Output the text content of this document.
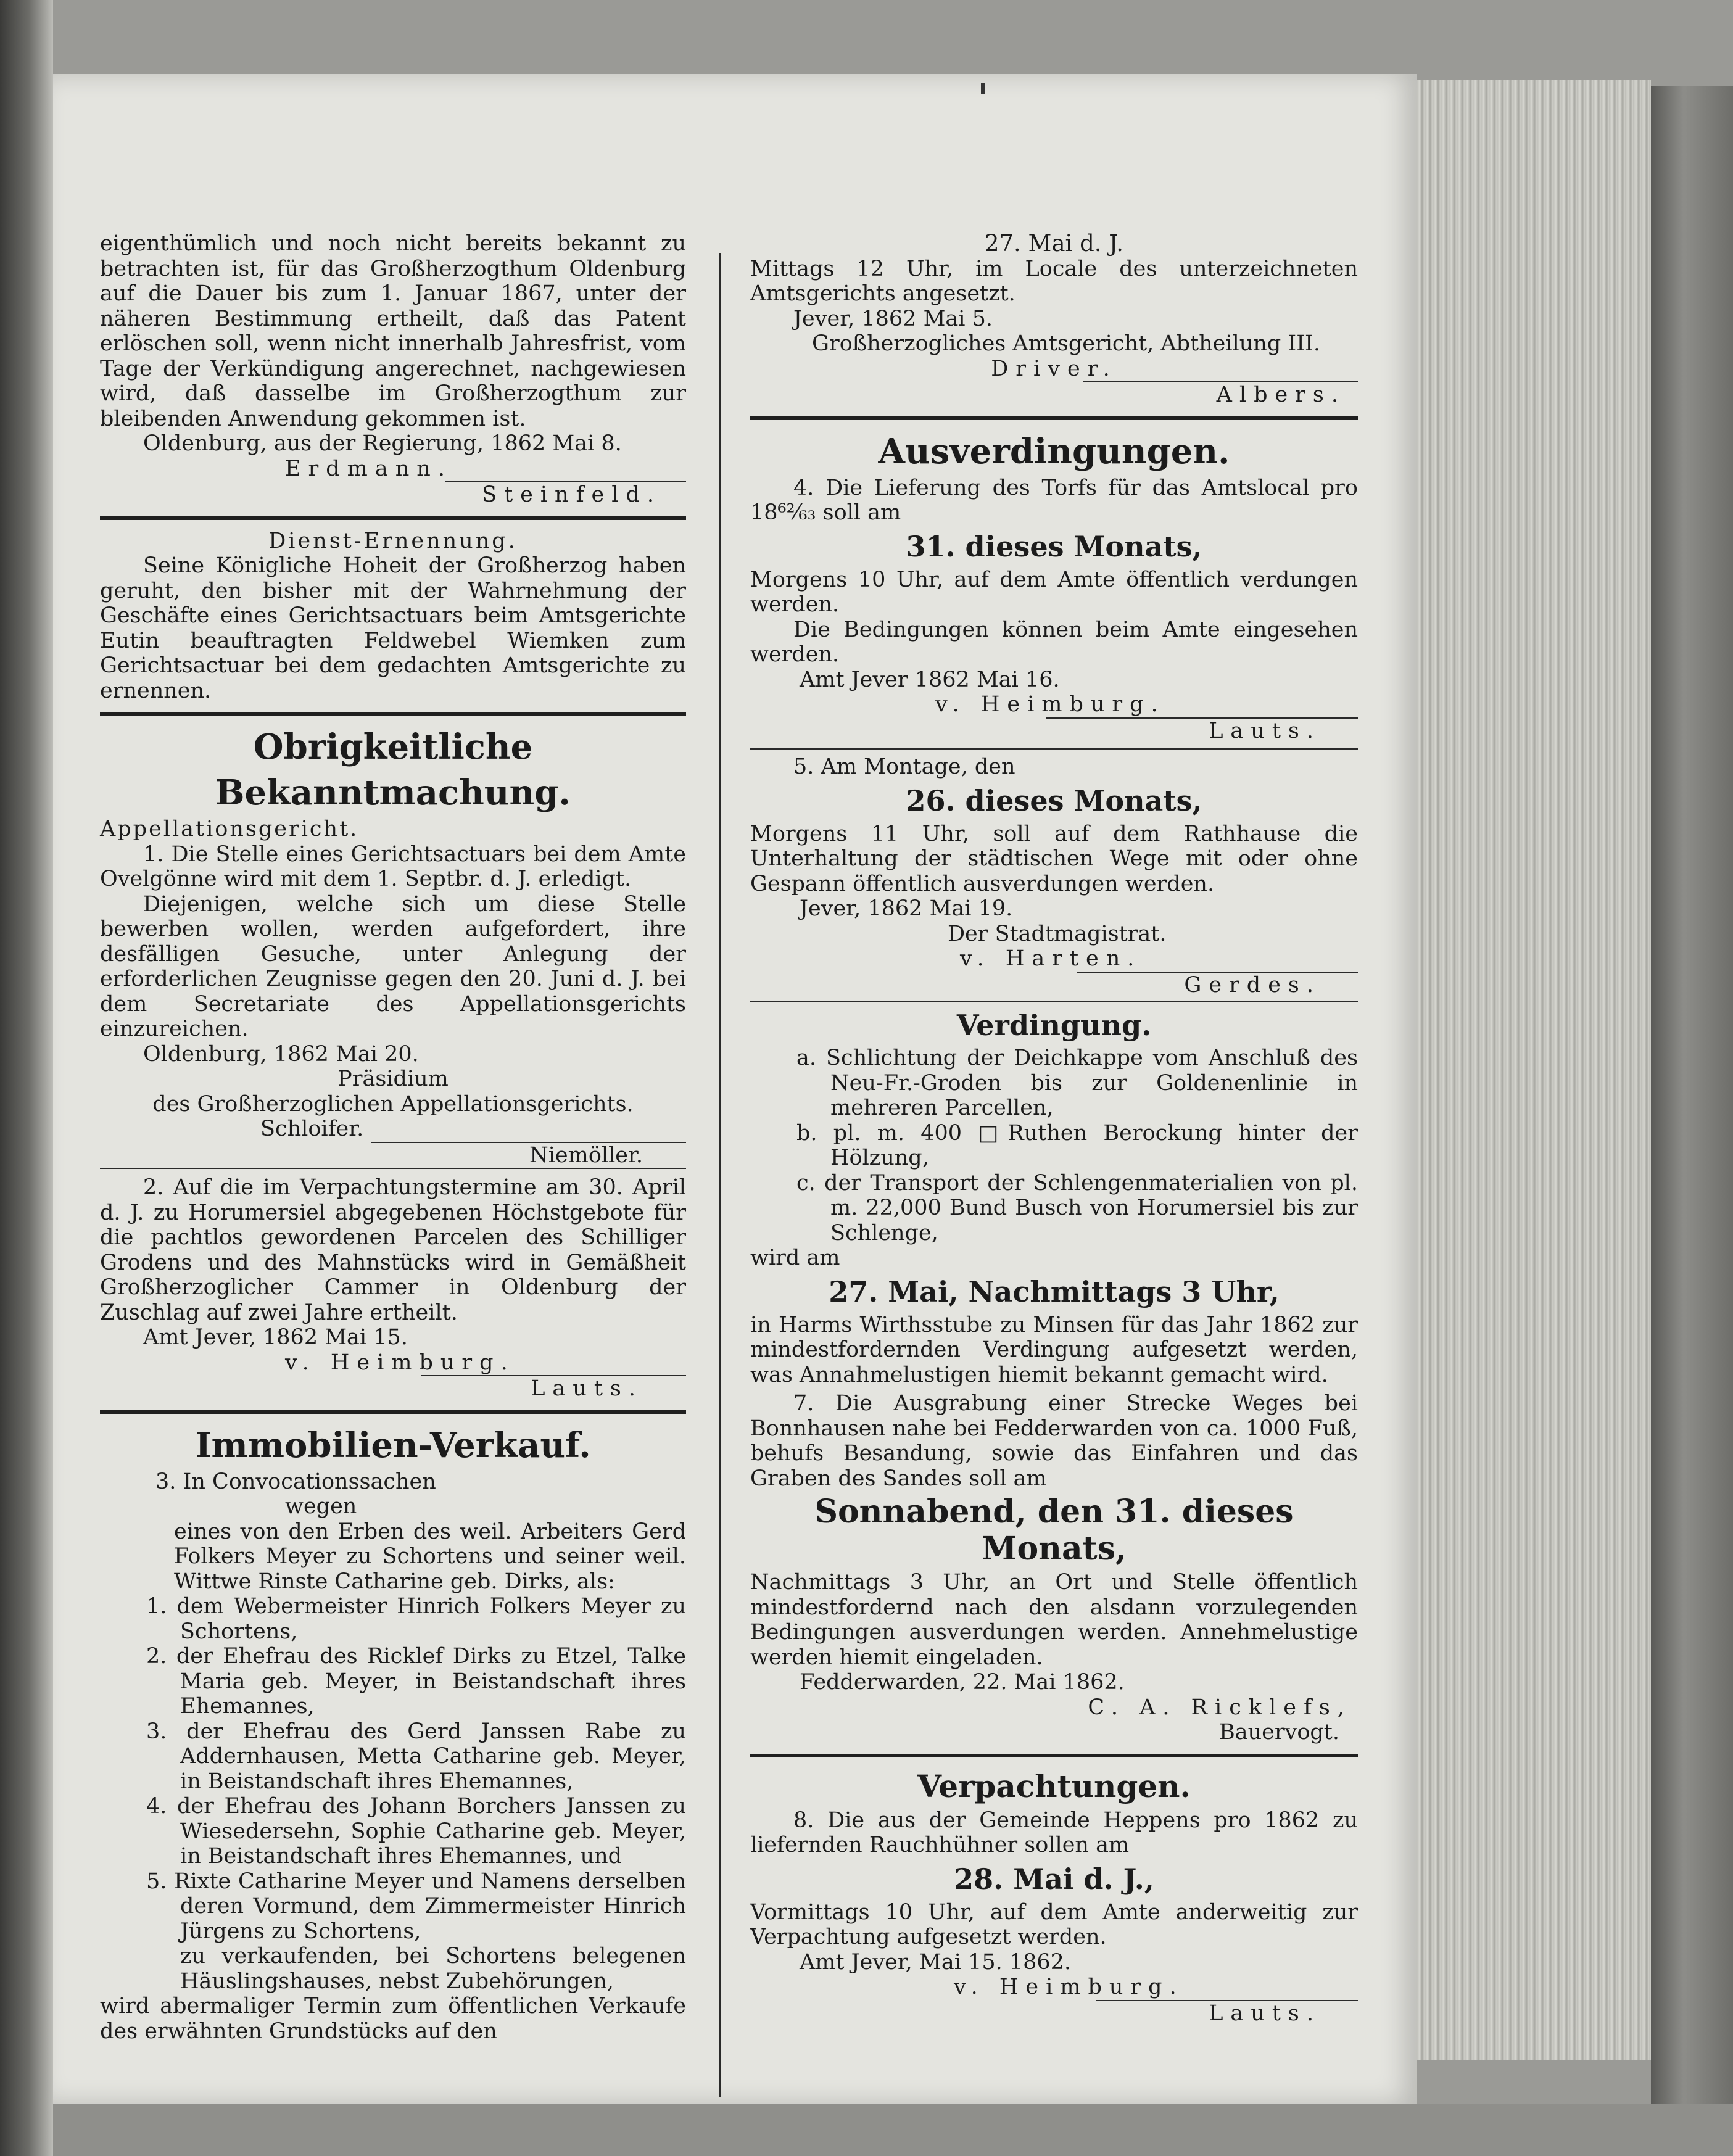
eigenthümlich und noch nicht bereits bekannt zu betrachten ist, für das Großherzogthum Oldenburg auf die Dauer bis zum 1. Januar 1867, unter der näheren Bestimmung ertheilt, daß das Patent erlöschen soll, wenn nicht innerhalb Jahresfrist, vom Tage der Verkündigung angerechnet, nachgewiesen wird, daß dasselbe im Großherzogthum zur bleibenden Anwendung gekommen ist.

Oldenburg, aus der Regierung, 1862 Mai 8.

Erdmann.

Steinfeld.

Dienst-Ernennung.

Seine Königliche Hoheit der Großherzog haben geruht, den bisher mit der Wahrnehmung der Geschäfte eines Gerichtsactuars beim Amtsgerichte Eutin beauftragten Feldwebel Wiemken zum Gerichtsactuar bei dem gedachten Amtsgerichte zu ernennen.

Obrigkeitliche Bekanntmachung.

Appellationsgericht.

1. Die Stelle eines Gerichtsactuars bei dem Amte Ovelgönne wird mit dem 1. Septbr. d. J. erledigt.

Diejenigen, welche sich um diese Stelle bewerben wollen, werden aufgefordert, ihre desfälligen Gesuche, unter Anlegung der erforderlichen Zeugnisse gegen den 20. Juni d. J. bei dem Secretariate des Appellationsgerichts einzureichen.

Oldenburg, 1862 Mai 20.

Präsidium

des Großherzoglichen Appellationsgerichts.

Schloifer.

Niemöller.

2. Auf die im Verpachtungstermine am 30. April d. J. zu Horumersiel abgegebenen Höchstgebote für die pachtlos gewordenen Parcelen des Schilliger Grodens und des Mahnstücks wird in Gemäßheit Großherzoglicher Cammer in Oldenburg der Zuschlag auf zwei Jahre ertheilt.

Amt Jever, 1862 Mai 15.

v. Heimburg.

Lauts.

Immobilien-Verkauf.

3. In Convocationssachen

wegen

eines von den Erben des weil. Arbeiters Gerd Folkers Meyer zu Schortens und seiner weil. Wittwe Rinste Catharine geb. Dirks, als:

1. dem Webermeister Hinrich Folkers Meyer zu Schortens,

2. der Ehefrau des Ricklef Dirks zu Etzel, Talke Maria geb. Meyer, in Beistandschaft ihres Ehemannes,

3. der Ehefrau des Gerd Janssen Rabe zu Addernhausen, Metta Catharine geb. Meyer, in Beistandschaft ihres Ehemannes,

4. der Ehefrau des Johann Borchers Janssen zu Wiesedersehn, Sophie Catharine geb. Meyer, in Beistandschaft ihres Ehemannes, und

5. Rixte Catharine Meyer und Namens derselben deren Vormund, dem Zimmermeister Hinrich Jürgens zu Schortens,

zu verkaufenden, bei Schortens belegenen Häuslingshauses, nebst Zubehörungen,

wird abermaliger Termin zum öffentlichen Verkaufe des erwähnten Grundstücks auf den

27. Mai d. J.

Mittags 12 Uhr, im Locale des unterzeichneten Amtsgerichts angesetzt.

Jever, 1862 Mai 5.

Großherzogliches Amtsgericht, Abtheilung III.

Driver.

Albers.

Ausverdingungen.

4. Die Lieferung des Torfs für das Amtslocal pro 18⁶²⁄₆₃ soll am

31. dieses Monats,

Morgens 10 Uhr, auf dem Amte öffentlich verdungen werden.

Die Bedingungen können beim Amte eingesehen werden.

Amt Jever 1862 Mai 16.

v. Heimburg.

Lauts.

5. Am Montage, den

26. dieses Monats,

Morgens 11 Uhr, soll auf dem Rathhause die Unterhaltung der städtischen Wege mit oder ohne Gespann öffentlich ausverdungen werden.

Jever, 1862 Mai 19.

Der Stadtmagistrat.

v. Harten.

Gerdes.

Verdingung.

a. Schlichtung der Deichkappe vom Anschluß des Neu-Fr.-Groden bis zur Goldenenlinie in mehreren Parcellen,

b. pl. m. 400 □Ruthen Berockung hinter der Hölzung,

c. der Transport der Schlengenmaterialien von pl. m. 22,000 Bund Busch von Horumersiel bis zur Schlenge,

wird am

27. Mai, Nachmittags 3 Uhr,

in Harms Wirthsstube zu Minsen für das Jahr 1862 zur mindestfordernden Verdingung aufgesetzt werden, was Annahmelustigen hiemit bekannt gemacht wird.

7. Die Ausgrabung einer Strecke Weges bei Bonnhausen nahe bei Fedderwarden von ca. 1000 Fuß, behufs Besandung, sowie das Einfahren und das Graben des Sandes soll am

Sonnabend, den 31. dieses Monats,

Nachmittags 3 Uhr, an Ort und Stelle öffentlich mindestfordernd nach den alsdann vorzulegenden Bedingungen ausverdungen werden. Annehmelustige werden hiemit eingeladen.

Fedderwarden, 22. Mai 1862.

C. A. Ricklefs,

Bauervogt.

Verpachtungen.

8. Die aus der Gemeinde Heppens pro 1862 zu liefernden Rauchhühner sollen am

28. Mai d. J.,

Vormittags 10 Uhr, auf dem Amte anderweitig zur Verpachtung aufgesetzt werden.

Amt Jever, Mai 15. 1862.

v. Heimburg.

Lauts.
